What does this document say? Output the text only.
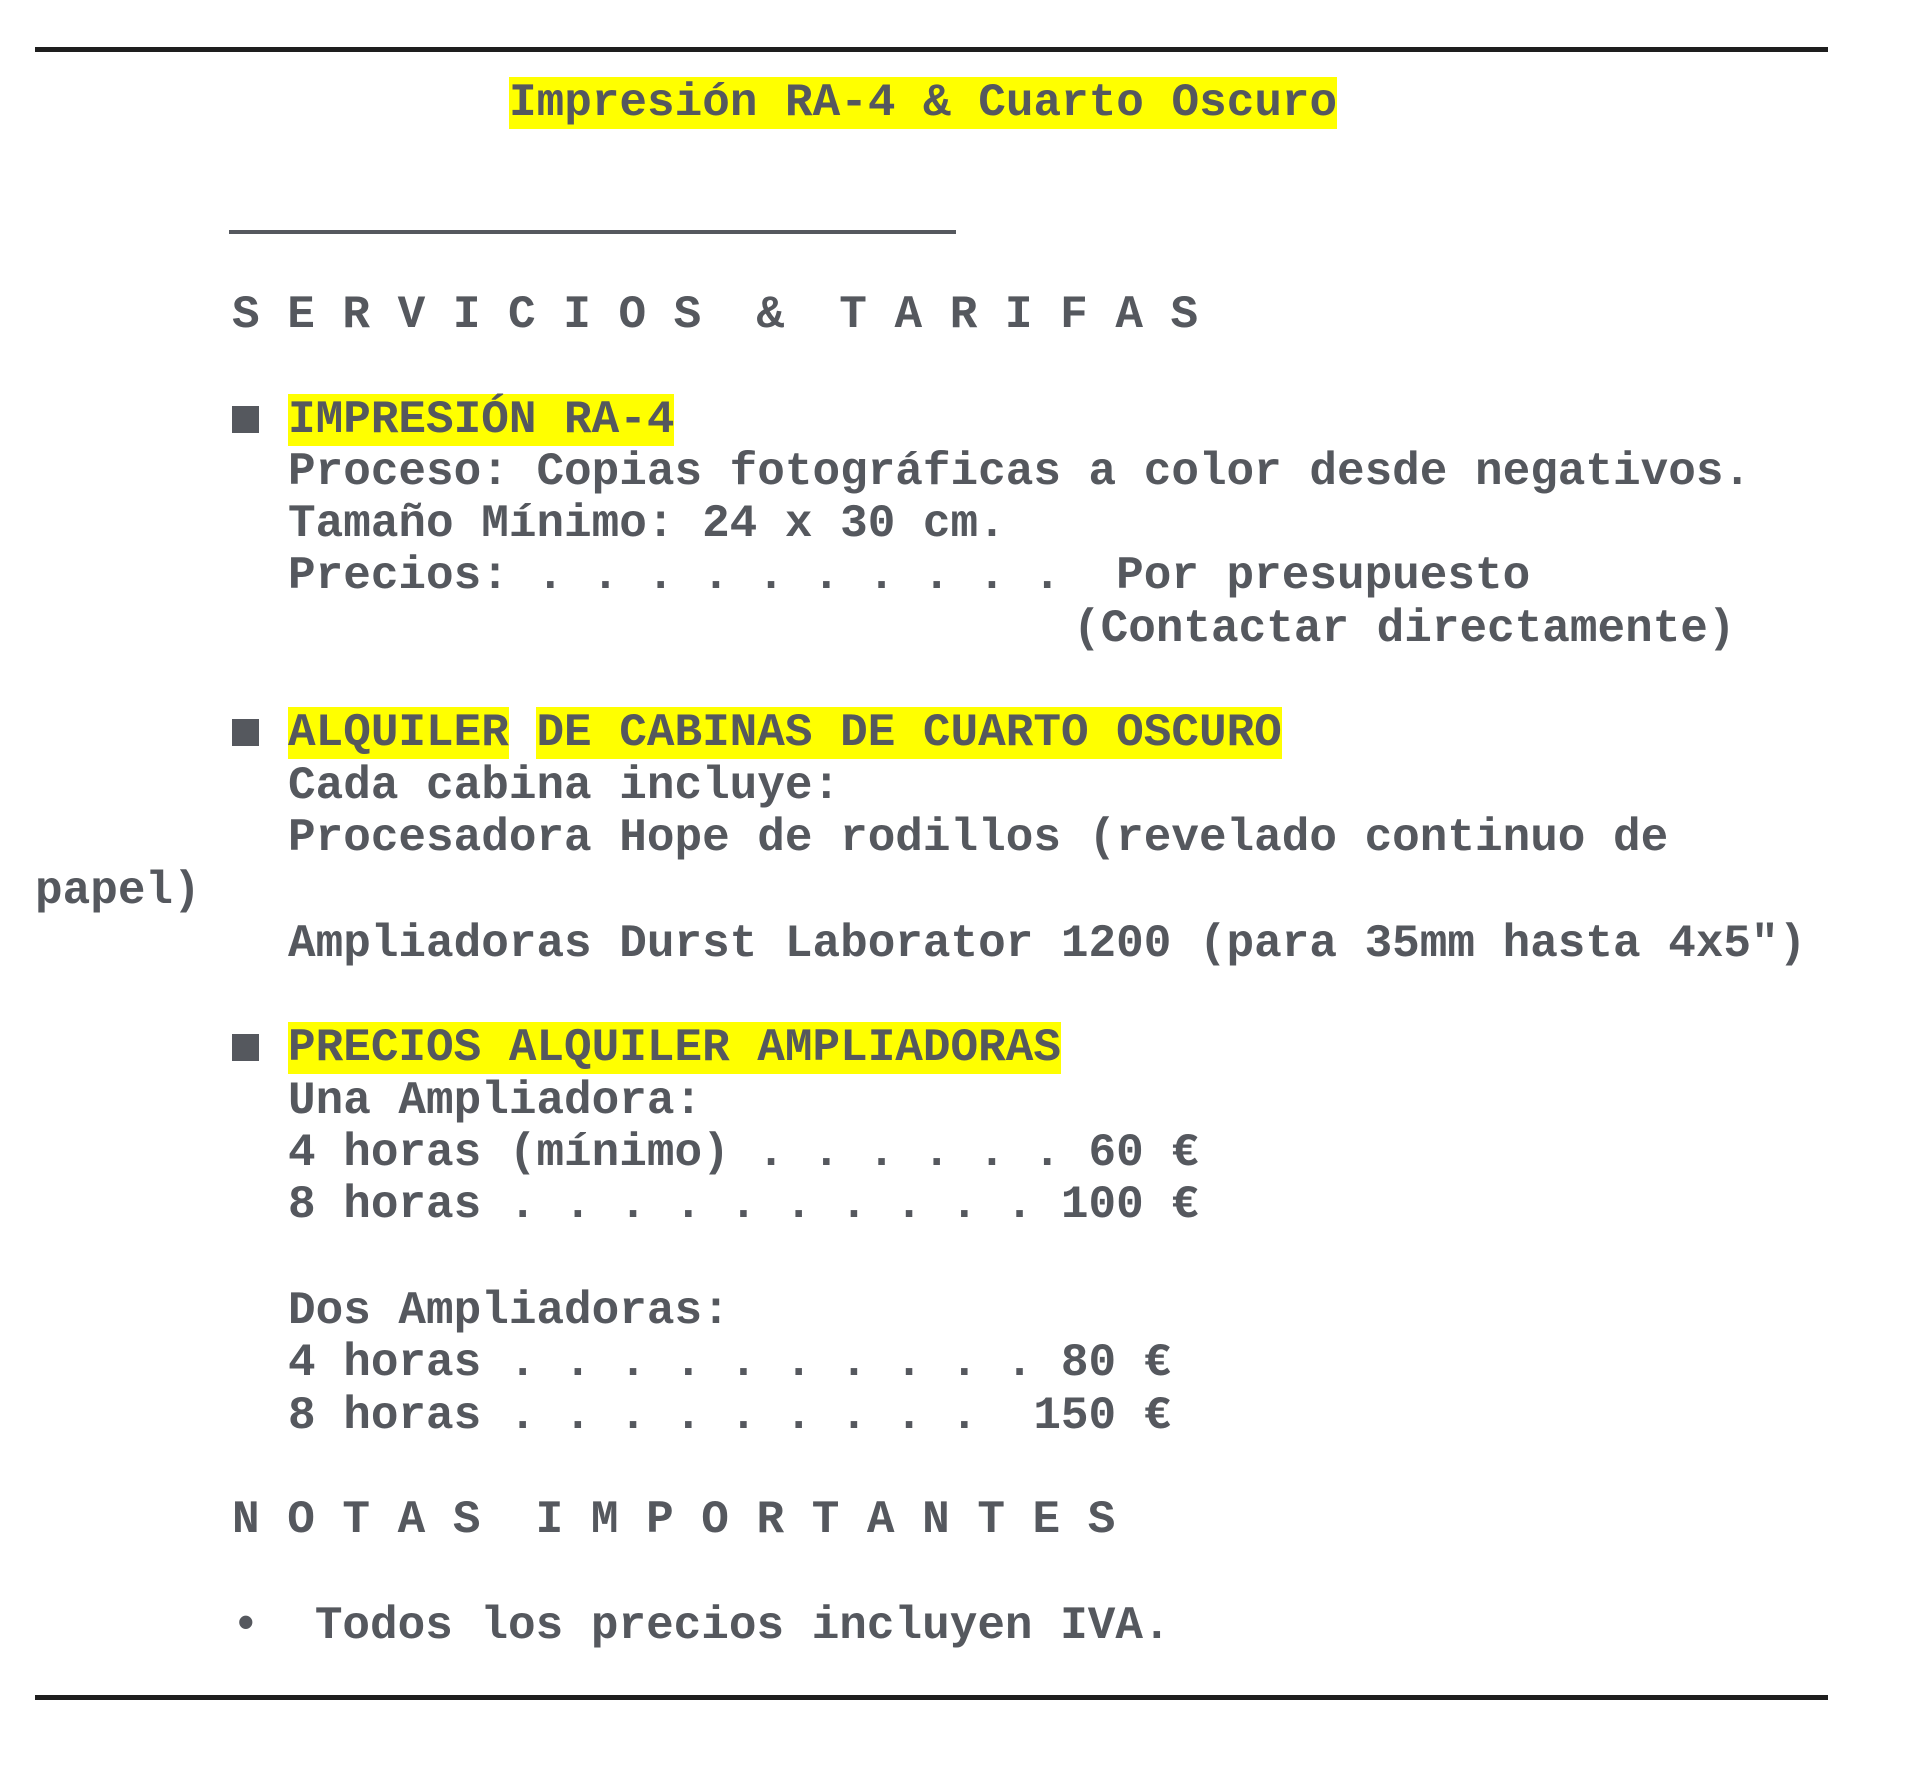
Impresión RA-4 & Cuarto Oscuro
S E R V I C I O S  &  T A R I F A S
IMPRESIÓN RA-4
Proceso: Copias fotográficas a color desde negativos.
Tamaño Mínimo: 24 x 30 cm.
Precios: . . . . . . . . . .  Por presupuesto
(Contactar directamente)
ALQUILER DE CABINAS DE CUARTO OSCURO
Cada cabina incluye:
Procesadora Hope de rodillos (revelado continuo de
papel)
Ampliadoras Durst Laborator 1200 (para 35mm hasta 4x5")
PRECIOS ALQUILER AMPLIADORAS
Una Ampliadora:
4 horas (mínimo) . . . . . . 60 €
8 horas . . . . . . . . . . 100 €
Dos Ampliadoras:
4 horas . . . . . . . . . . 80 €
8 horas . . . . . . . . .  150 €
N O T A S  I M P O R T A N T E S
•  Todos los precios incluyen IVA.
